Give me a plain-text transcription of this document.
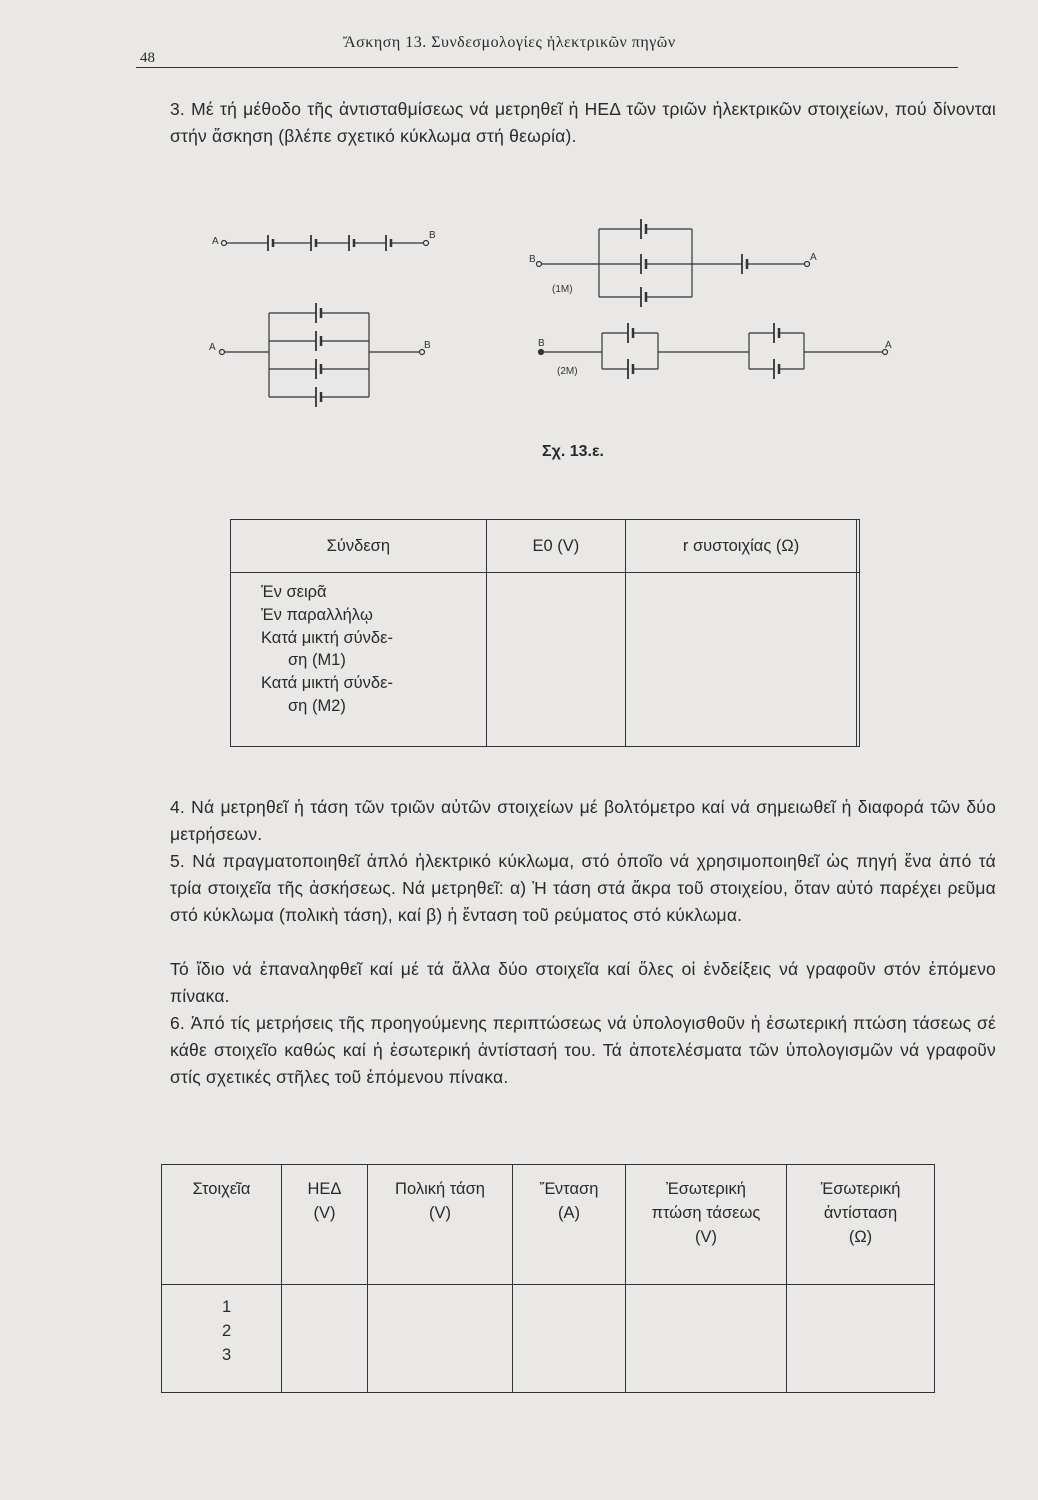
48
Ἄσκηση 13. Συνδεσμολογίες ἠλεκτρικῶν πηγῶν
3. Μέ τή μέθοδο τῆς ἀντισταθμίσεως νά μετρηθεῖ ἡ ΗΕΔ τῶν τριῶν ἠλεκτρικῶν στοιχείων, πού δίνονται στήν ἄσκηση (βλέπε σχετικό κύκλωμα στή θεωρία).
A
B
A	B
B	A
(1M)
B	A
(2M)
Σχ. 13.ε.
Σύνδεση	E0 (V)	r συστοιχίας (Ω)	

Ἐν σειρᾶ
Ἐν παραλλήλῳ
Κατά μικτή σύνδε-
ση (M1)
Κατά μικτή σύνδε-
ση (M2)

4. Νά μετρηθεῖ ἡ τάση τῶν τριῶν αὐτῶν στοιχείων μέ βολτόμετρο καί νά σημειωθεῖ ἡ διαφορά τῶν δύο μετρήσεων.
5. Νά πραγματοποιηθεῖ ἀπλό ἠλεκτρικό κύκλωμα, στό ὁποῖο νά χρησιμοποιηθεῖ ὡς πηγή ἕνα ἀπό τά τρία στοιχεῖα τῆς ἀσκήσεως. Νά μετρηθεῖ: α) Ἡ τάση στά ἄκρα τοῦ στοιχείου, ὅταν αὐτό παρέχει ρεῦμα στό κύκλωμα (πολικὴ τάση), καί β) ἡ ἔνταση τοῦ ρεύματος στό κύκλωμα.
Τό ἴδιο νά ἐπαναληφθεῖ καί μέ τά ἄλλα δύο στοιχεῖα καί ὅλες οἱ ἐνδείξεις νά γραφοῦν στόν ἑπόμενο πίνακα.
6. Ἀπό τίς μετρήσεις τῆς προηγούμενης περιπτώσεως νά ὑπολογισθοῦν ἡ ἐσωτερική πτώση τάσεως σέ κάθε στοιχεῖο καθώς καί ἡ ἐσωτερική ἀντίστασή του. Τά ἀποτελέσματα τῶν ὑπολογισμῶν νά γραφοῦν στίς σχετικές στῆλες τοῦ ἑπόμενου πίνακα.
Στοιχεῖα	ΗΕΔ
(V)

Πολική τάση
(V)

Ἔνταση
(A)

Ἐσωτερική
πτώση τάσεως
(V)

Ἐσωτερική
ἀντίσταση
(Ω)

1
2
3
